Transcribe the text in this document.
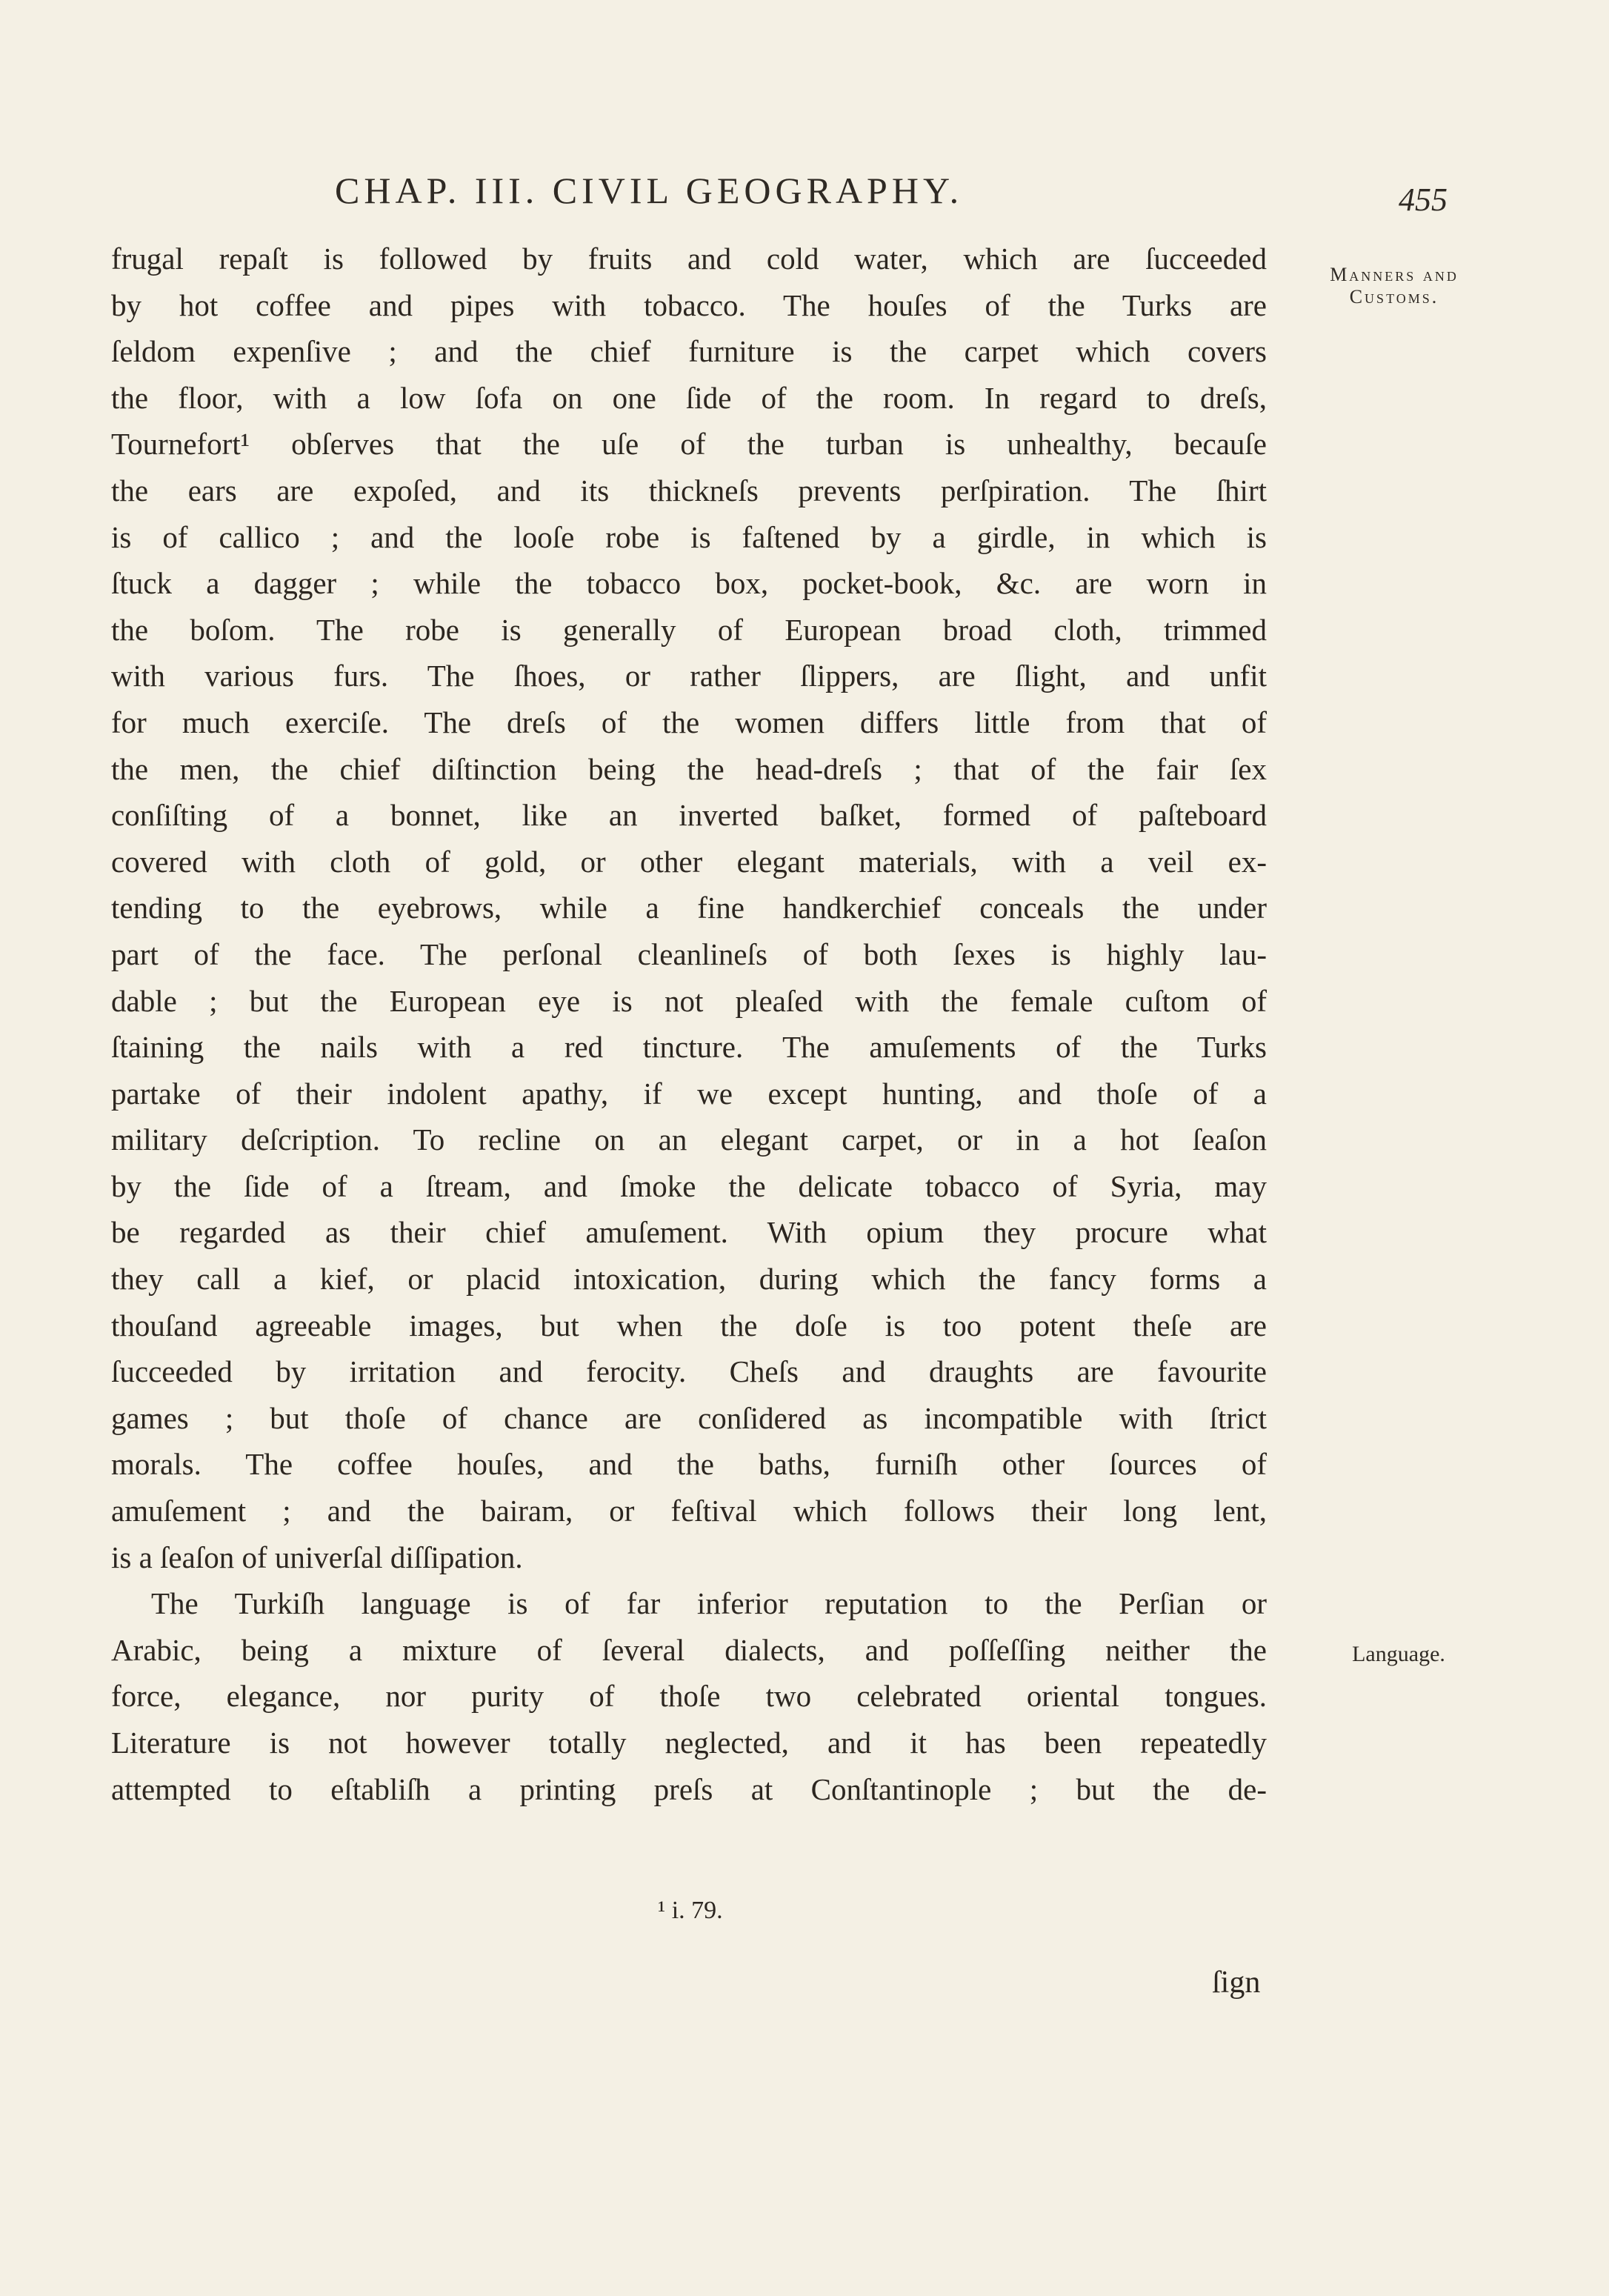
CHAP. III. CIVIL GEOGRAPHY.	455
Manners and Customs.
Language.
frugal repaſt is followed by fruits and cold water, which are ſucceeded
by hot coffee and pipes with tobacco. The houſes of the Turks are
ſeldom expenſive ; and the chief furniture is the carpet which covers
the floor, with a low ſofa on one ſide of the room. In regard to dreſs,
Tournefort¹ obſerves that the uſe of the turban is unhealthy, becauſe
the ears are expoſed, and its thickneſs prevents perſpiration. The ſhirt
is of callico ; and the looſe robe is faſtened by a girdle, in which is
ſtuck a dagger ; while the tobacco box, pocket-book, &c. are worn in
the boſom. The robe is generally of European broad cloth, trimmed
with various furs. The ſhoes, or rather ſlippers, are ſlight, and unfit
for much exerciſe. The dreſs of the women differs little from that of
the men, the chief diſtinction being the head-dreſs ; that of the fair ſex
conſiſting of a bonnet, like an inverted baſket, formed of paſteboard
covered with cloth of gold, or other elegant materials, with a veil ex-
tending to the eyebrows, while a fine handkerchief conceals the under
part of the face. The perſonal cleanlineſs of both ſexes is highly lau-
dable ; but the European eye is not pleaſed with the female cuſtom of
ſtaining the nails with a red tincture. The amuſements of the Turks
partake of their indolent apathy, if we except hunting, and thoſe of a
military deſcription. To recline on an elegant carpet, or in a hot ſeaſon
by the ſide of a ſtream, and ſmoke the delicate tobacco of Syria, may
be regarded as their chief amuſement. With opium they procure what
they call a kief, or placid intoxication, during which the fancy forms a
thouſand agreeable images, but when the doſe is too potent theſe are
ſucceeded by irritation and ferocity. Cheſs and draughts are favourite
games ; but thoſe of chance are conſidered as incompatible with ſtrict
morals. The coffee houſes, and the baths, furniſh other ſources of
amuſement ; and the bairam, or feſtival which follows their long lent,
is a ſeaſon of univerſal diſſipation.
The Turkiſh language is of far inferior reputation to the Perſian or
Arabic, being a mixture of ſeveral dialects, and poſſeſſing neither the
force, elegance, nor purity of thoſe two celebrated oriental tongues.
Literature is not however totally neglected, and it has been repeatedly
attempted to eſtabliſh a printing preſs at Conſtantinople ; but the de-
¹ i. 79.
ſign
